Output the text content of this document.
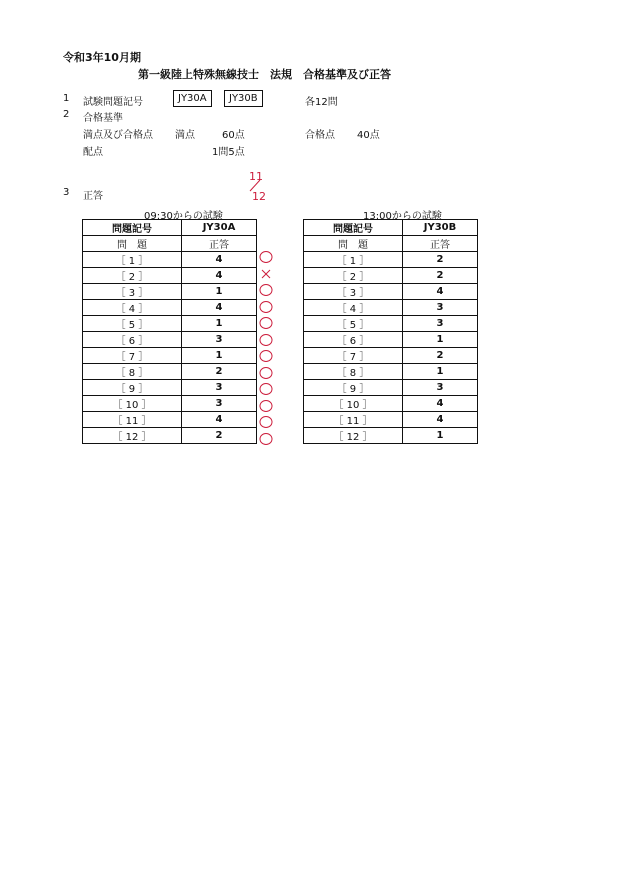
令和3年10月期
第一級陸上特殊無線技士　法規　合格基準及び正答
1 試験問題記号	JY30A	JY30B	各12問
2 合格基準
満点及び合格点 満点	60点	合格点 40点
配点	1問5点
3 正答
11
12
09:30からの試験	13:00からの試験
問題記号	JY30A
問　題	正答
［ 1 ］	4
［ 2 ］	4
［ 3 ］	1
［ 4 ］	4
［ 5 ］	1
［ 6 ］	3
［ 7 ］	1
［ 8 ］	2
［ 9 ］	3
［ 10 ］	3
［ 11 ］	4
［ 12 ］	2
問題記号	JY30B
問　題	正答
［ 1 ］	2
［ 2 ］	2
［ 3 ］	4
［ 4 ］	3
［ 5 ］	3
［ 6 ］	1
［ 7 ］	2
［ 8 ］	1
［ 9 ］	3
［ 10 ］	4
［ 11 ］	4
［ 12 ］	1
